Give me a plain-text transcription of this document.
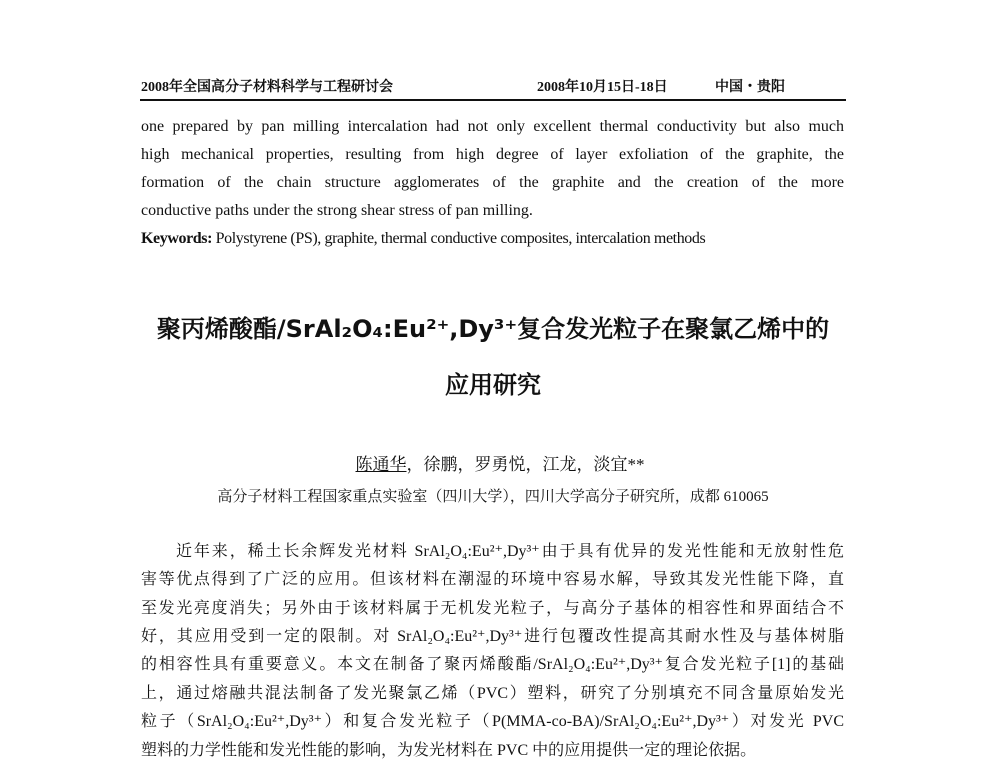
2008年全国高分子材料科学与工程研讨会	2008年10月15日-18日	中国・贵阳
one prepared by pan milling intercalation had not only excellent thermal conductivity but also much
high mechanical properties, resulting from high degree of layer exfoliation of the graphite, the
formation of the chain structure agglomerates of the graphite and the creation of the more
conductive paths under the strong shear stress of pan milling.
Keywords: Polystyrene (PS), graphite, thermal conductive composites, intercalation methods
聚丙烯酸酯/SrAl₂O₄:Eu²⁺,Dy³⁺复合发光粒子在聚氯乙烯中的
应用研究
陈通华，徐鹏，罗勇悦，江龙，淡宜**
高分子材料工程国家重点实验室（四川大学），四川大学高分子研究所，成都 610065
近年来，稀土长余辉发光材料 SrAl₂O₄:Eu²⁺,Dy³⁺由于具有优异的发光性能和无放射性危
害等优点得到了广泛的应用。但该材料在潮湿的环境中容易水解，导致其发光性能下降，直
至发光亮度消失；另外由于该材料属于无机发光粒子，与高分子基体的相容性和界面结合不
好，其应用受到一定的限制。对 SrAl₂O₄:Eu²⁺,Dy³⁺进行包覆改性提高其耐水性及与基体树脂
的相容性具有重要意义。本文在制备了聚丙烯酸酯/SrAl₂O₄:Eu²⁺,Dy³⁺复合发光粒子[1]的基础
上，通过熔融共混法制备了发光聚氯乙烯（PVC）塑料，研究了分别填充不同含量原始发光
粒子（SrAl₂O₄:Eu²⁺,Dy³⁺）和复合发光粒子（P(MMA-co-BA)/SrAl₂O₄:Eu²⁺,Dy³⁺）对发光 PVC
塑料的力学性能和发光性能的影响，为发光材料在 PVC 中的应用提供一定的理论依据。
